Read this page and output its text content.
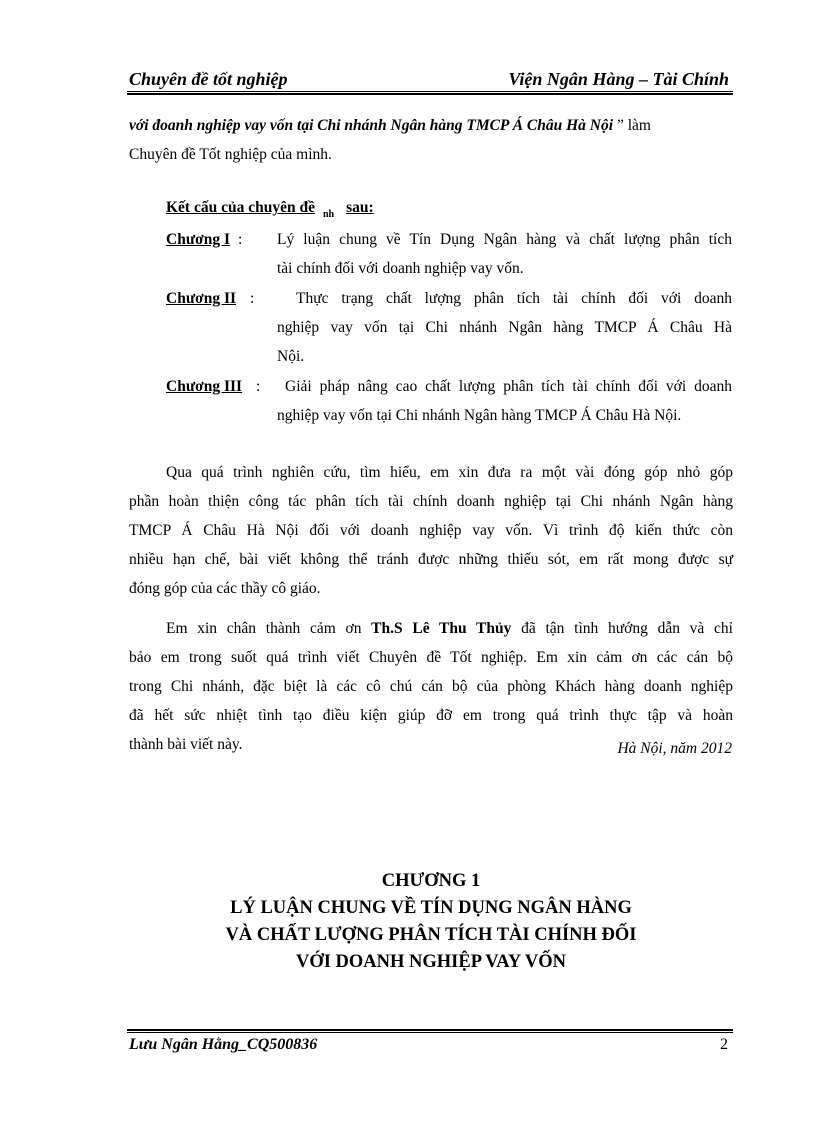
Chuyên đề tốt nghiệp	Viện Ngân Hàng – Tài Chính
với đoanh nghiệp vay vốn tại Chi nhánh Ngân hàng TMCP Á Châu Hà Nội ” làm
Chuyên đề Tốt nghiệp của mình.
Kết cấu của chuyên đề $_{nh}$ sau:
Chương I : Lý luận chung về Tín Dụng Ngân hàng và chất lượng phân tích
tài chính đối với doanh nghiệp vay vốn.
Chương II :	Thực trạng chất lượng phân tích tài chính đối với doanh
nghiệp vay vốn tại Chi nhánh Ngân hàng TMCP Á Châu Hà
Nội.
Chương III :	Giải pháp nâng cao chất lượng phân tích tài chính đối với doanh
nghiệp vay vốn tại Chi nhánh Ngân hàng TMCP Á Châu Hà Nội.
Qua quá trình nghiên cứu, tìm hiểu, em xin đưa ra một vài đóng góp nhỏ góp
phần hoàn thiện công tác phân tích tài chính doanh nghiệp tại Chi nhánh Ngân hàng
TMCP Á Châu Hà Nội đối với doanh nghiệp vay vốn. Vì trình độ kiến thức còn
nhiều hạn chế, bài viết không thể tránh được những thiếu sót, em rất mong được sự
đóng góp của các thầy cô giáo.
Em xin chân thành cảm ơn Th.S Lê Thu Thủy đã tận tình hướng dẫn và chỉ
bảo em trong suốt quá trình viết Chuyên đề Tốt nghiệp. Em xin cảm ơn các cán bộ
trong Chi nhánh, đặc biệt là các cô chú cán bộ của phòng Khách hàng doanh nghiệp
đã hết sức nhiệt tình tạo điều kiện giúp đỡ em trong quá trình thực tập và hoàn
thành bài viết này.	Hà Nội, năm 2012
CHƯƠNG 1
LÝ LUẬN CHUNG VỀ TÍN DỤNG NGÂN HÀNG
VÀ CHẤT LƯỢNG PHÂN TÍCH TÀI CHÍNH ĐỐI
VỚI DOANH NGHIỆP VAY VỐN
Lưu Ngân Hằng_CQ500836	2
